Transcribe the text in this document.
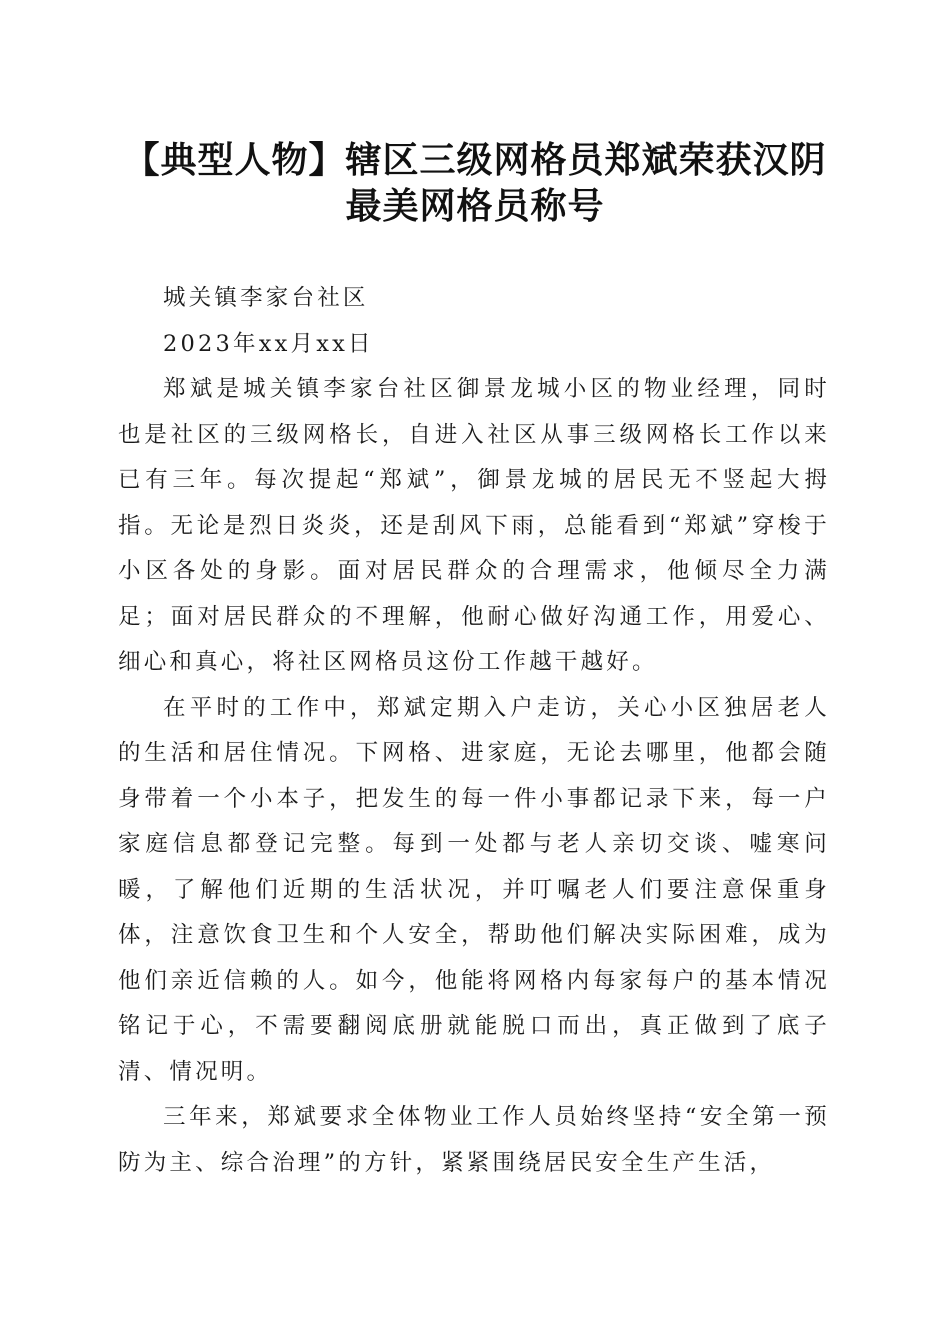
【典型人物】辖区三级网格员郑斌荣获汉阴最美网格员称号

城关镇李家台社区

2023年xx月xx日

郑斌是城关镇李家台社区御景龙城小区的物业经理，同时也是社区的三级网格长，自进入社区从事三级网格长工作以来已有三年。每次提起“郑斌”，御景龙城的居民无不竖起大拇指。无论是烈日炎炎，还是刮风下雨，总能看到“郑斌”穿梭于小区各处的身影。面对居民群众的合理需求，他倾尽全力满足；面对居民群众的不理解，他耐心做好沟通工作，用爱心、细心和真心，将社区网格员这份工作越干越好。

在平时的工作中，郑斌定期入户走访，关心小区独居老人的生活和居住情况。下网格、进家庭，无论去哪里，他都会随身带着一个小本子，把发生的每一件小事都记录下来，每一户家庭信息都登记完整。每到一处都与老人亲切交谈、嘘寒问暖，了解他们近期的生活状况，并叮嘱老人们要注意保重身体，注意饮食卫生和个人安全，帮助他们解决实际困难，成为他们亲近信赖的人。如今，他能将网格内每家每户的基本情况铭记于心，不需要翻阅底册就能脱口而出，真正做到了底子清、情况明。

三年来，郑斌要求全体物业工作人员始终坚持“安全第一预防为主、综合治理”的方针，紧紧围绕居民安全生产生活，
